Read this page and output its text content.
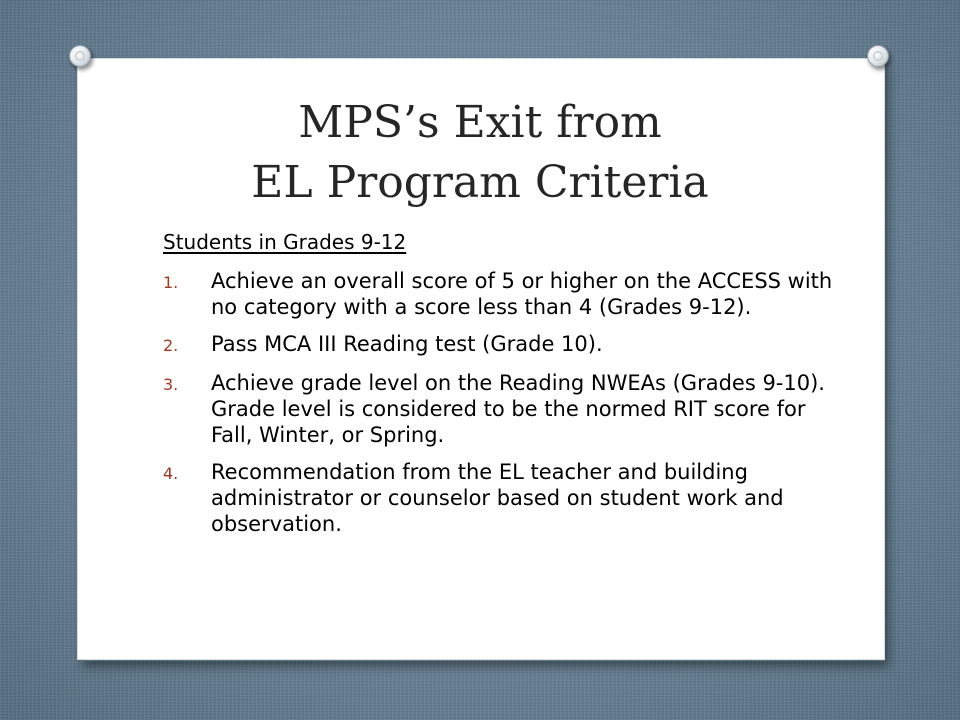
MPS’s Exit from
EL Program Criteria
Students in Grades 9-12
1.	Achieve an overall score of 5 or higher on the ACCESS with no category with a score less than 4 (Grades 9-12).
2.	Pass MCA III Reading test (Grade 10).
3.	Achieve grade level on the Reading NWEAs (Grades 9-10). Grade level is considered to be the normed RIT score for Fall, Winter, or Spring.
4.	Recommendation from the EL teacher and building administrator or counselor based on student work and observation.
